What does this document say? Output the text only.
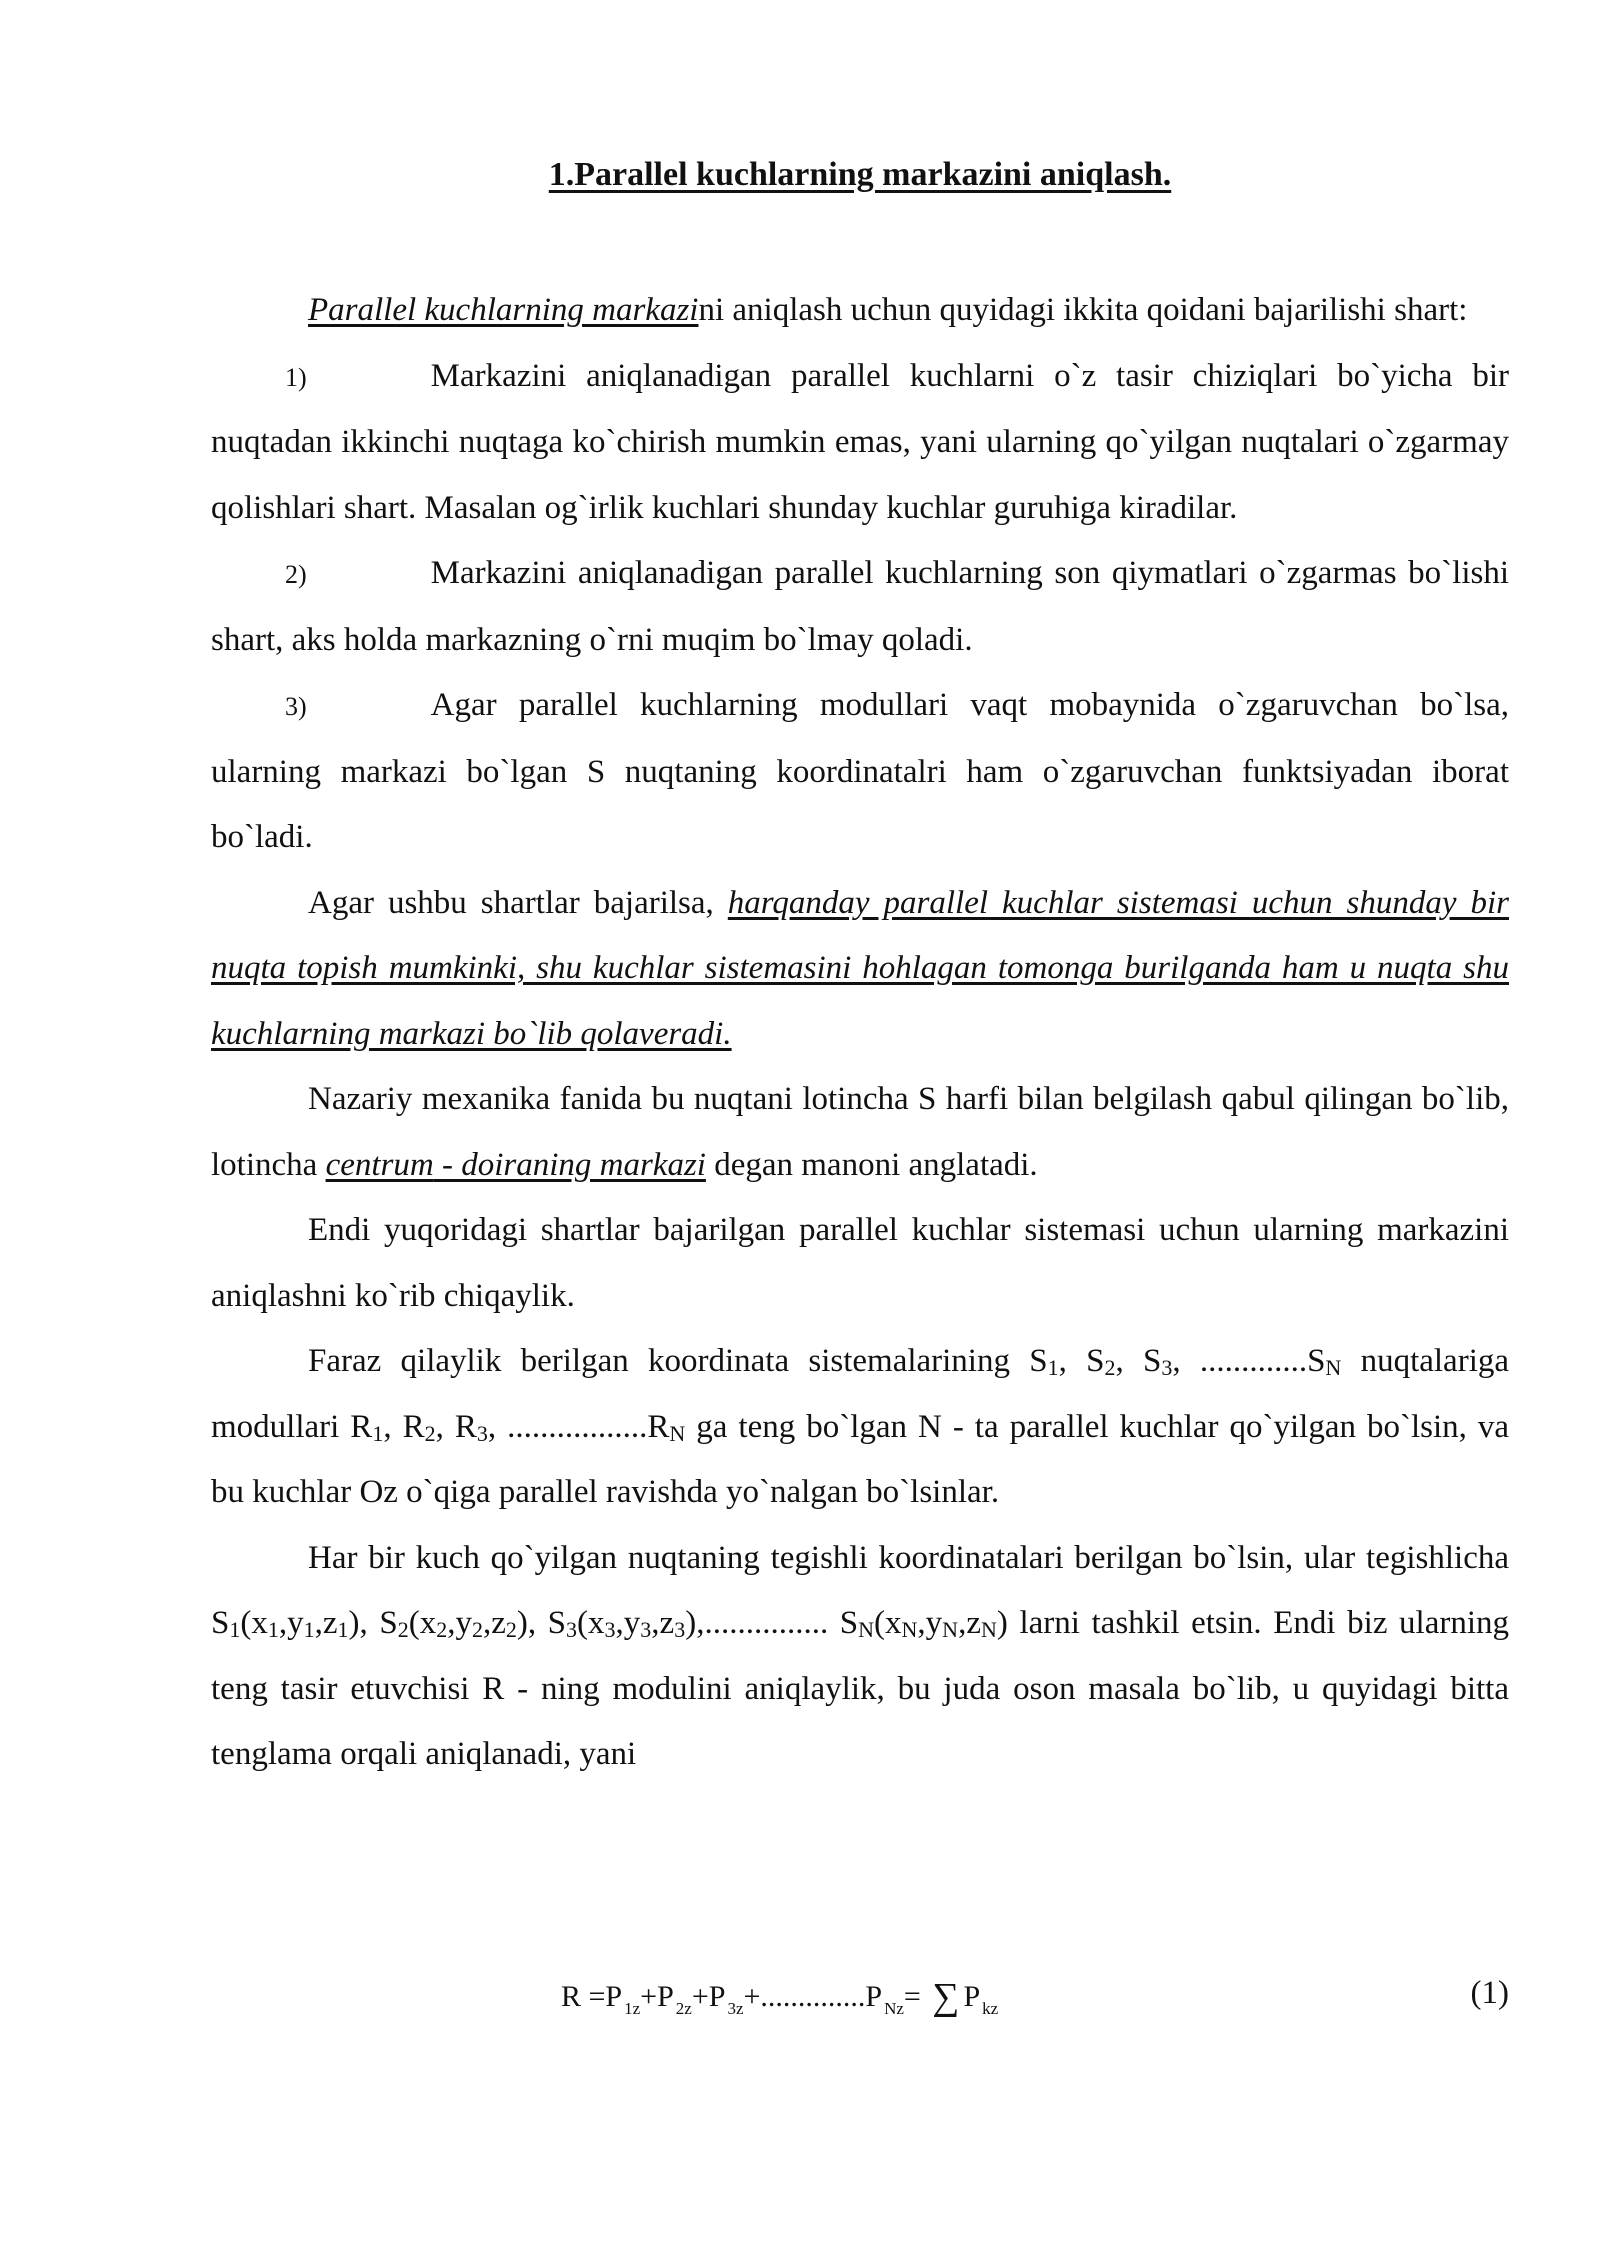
1.Parallel kuchlarning markazini aniqlash.

Parallel kuchlarning markazini aniqlash uchun quyidagi ikkita qoidani bajarilishi shart:

1)	Markazini aniqlanadigan parallel kuchlarni o`z tasir chiziqlari bo`yicha bir nuqtadan ikkinchi nuqtaga ko`chirish mumkin emas, yani ularning qo`yilgan nuqtalari o`zgarmay qolishlari shart. Masalan og`irlik kuchlari shunday kuchlar guruhiga kiradilar.

2)	Markazini aniqlanadigan parallel kuchlarning son qiymatlari o`zgarmas bo`lishi shart, aks holda markazning o`rni muqim bo`lmay qoladi.

3)	Agar parallel kuchlarning modullari vaqt mobaynida o`zgaruvchan bo`lsa, ularning markazi bo`lgan S nuqtaning koordinatalri ham o`zgaruvchan funktsiyadan iborat bo`ladi.

Agar ushbu shartlar bajarilsa, harqanday parallel kuchlar sistemasi uchun shunday bir nuqta topish mumkinki, shu kuchlar sistemasini hohlagan tomonga burilganda ham u nuqta shu kuchlarning markazi bo`lib qolaveradi.

Nazariy mexanika fanida bu nuqtani lotincha S harfi bilan belgilash qabul qilingan bo`lib, lotincha centrum - doiraning markazi degan manoni anglatadi.

Endi yuqoridagi shartlar bajarilgan parallel kuchlar sistemasi uchun ularning markazini aniqlashni ko`rib chiqaylik.

Faraz qilaylik berilgan koordinata sistemalarining $S_1$, $S_2$, $S_3$, $.............S_N$ nuqtalariga modullari $R_1$, $R_2$, $R_3$, $.................R_N$ ga teng bo`lgan N - ta parallel kuchlar qo`yilgan bo`lsin, va bu kuchlar Oz o`qiga parallel ravishda yo`nalgan bo`lsinlar.

Har bir kuch qo`yilgan nuqtaning tegishli koordinatalari berilgan bo`lsin, ular tegishlicha $S_1(x_1,y_1,z_1)$, $S_2(x_2,y_2,z_2)$, $S_3(x_3,y_3,z_3)$,............... $S_N(x_N,y_N,z_N)$ larni tashkil etsin. Endi biz ularning teng tasir etuvchisi R - ning modulini aniqlaylik, bu juda oson masala bo`lib, u quyidagi bitta tenglama orqali aniqlanadi, yani

R =P $_{1z}$+P $_{2z}$+P $_{3z}$+..............P $_{Nz}$= ∑ P $_{kz}$	(1)
